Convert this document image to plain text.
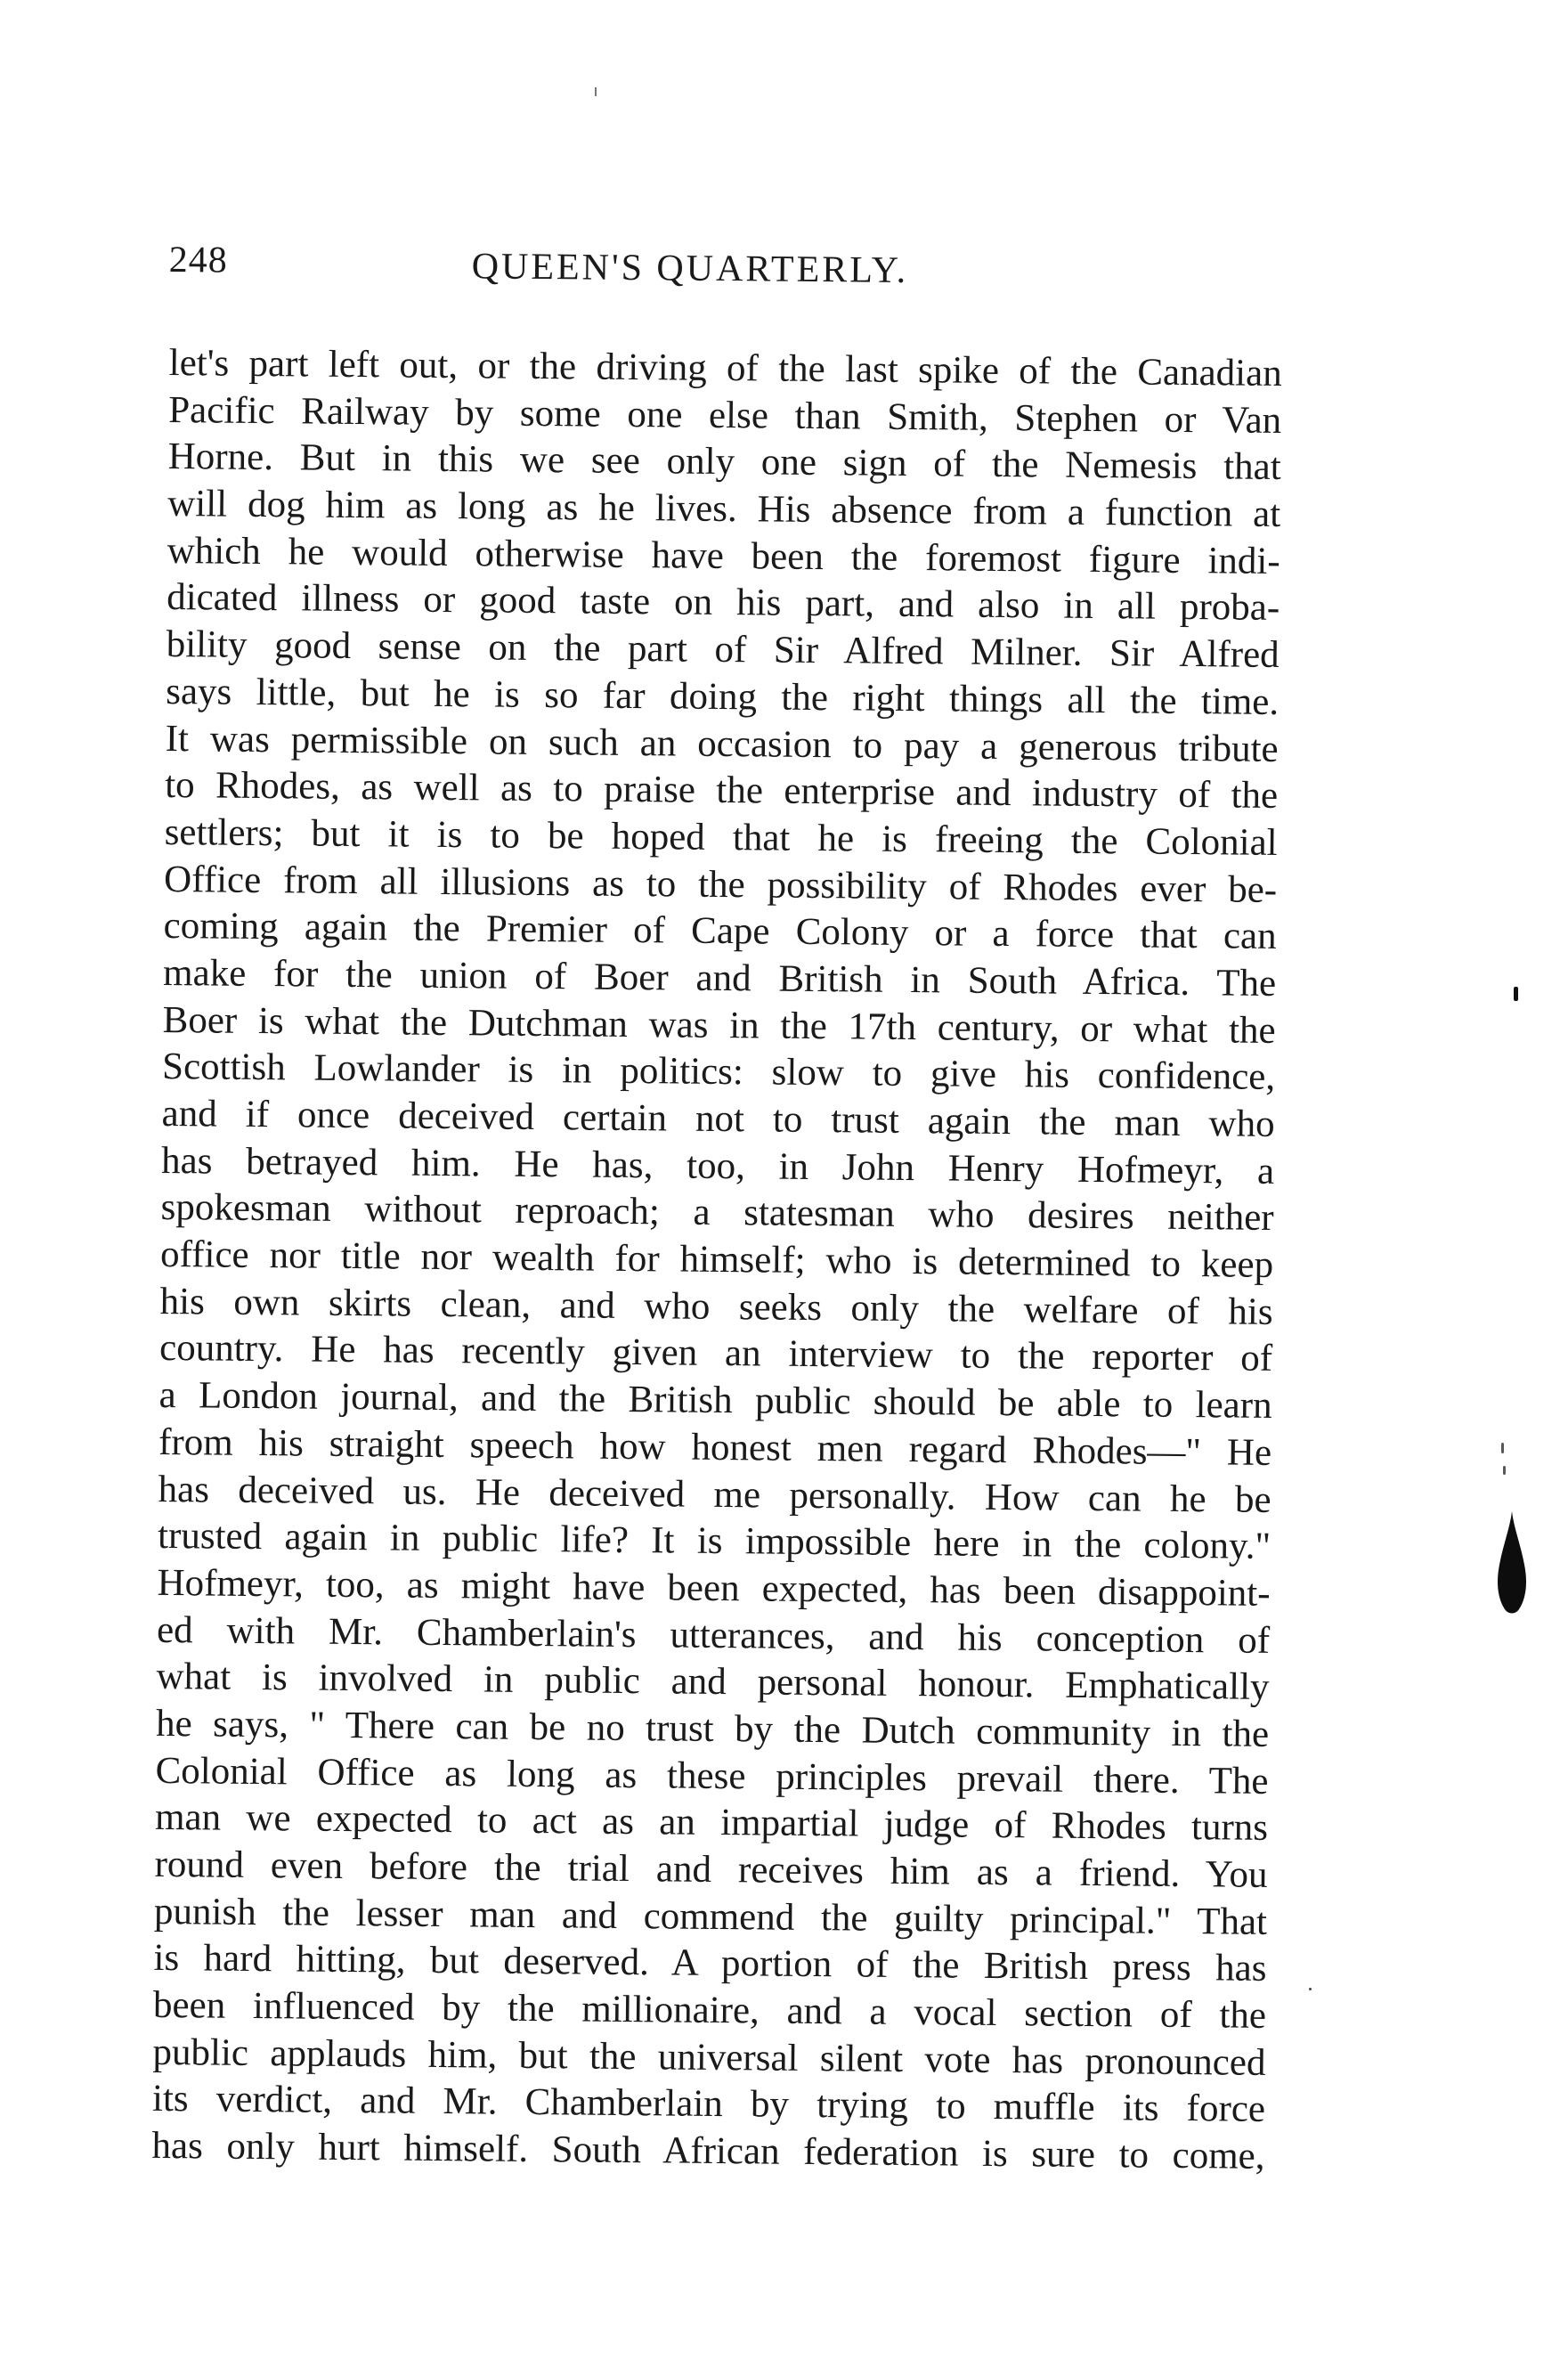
248	QUEEN'S QUARTERLY.
let's part left out, or the driving of the last spike of the Canadian
Pacific Railway by some one else than Smith, Stephen or Van
Horne. But in this we see only one sign of the Nemesis that
will dog him as long as he lives. His absence from a function at
which he would otherwise have been the foremost figure indi-
dicated illness or good taste on his part, and also in all proba-
bility good sense on the part of Sir Alfred Milner. Sir Alfred
says little, but he is so far doing the right things all the time.
It was permissible on such an occasion to pay a generous tribute
to Rhodes, as well as to praise the enterprise and industry of the
settlers; but it is to be hoped that he is freeing the Colonial
Office from all illusions as to the possibility of Rhodes ever be-
coming again the Premier of Cape Colony or a force that can
make for the union of Boer and British in South Africa. The
Boer is what the Dutchman was in the 17th century, or what the
Scottish Lowlander is in politics: slow to give his confidence,
and if once deceived certain not to trust again the man who
has betrayed him. He has, too, in John Henry Hofmeyr, a
spokesman without reproach; a statesman who desires neither
office nor title nor wealth for himself; who is determined to keep
his own skirts clean, and who seeks only the welfare of his
country. He has recently given an interview to the reporter of
a London journal, and the British public should be able to learn
from his straight speech how honest men regard Rhodes—" He
has deceived us. He deceived me personally. How can he be
trusted again in public life? It is impossible here in the colony."
Hofmeyr, too, as might have been expected, has been disappoint-
ed with Mr. Chamberlain's utterances, and his conception of
what is involved in public and personal honour. Emphatically
he says, " There can be no trust by the Dutch community in the
Colonial Office as long as these principles prevail there. The
man we expected to act as an impartial judge of Rhodes turns
round even before the trial and receives him as a friend. You
punish the lesser man and commend the guilty principal." That
is hard hitting, but deserved. A portion of the British press has
been influenced by the millionaire, and a vocal section of the
public applauds him, but the universal silent vote has pronounced
its verdict, and Mr. Chamberlain by trying to muffle its force
has only hurt himself. South African federation is sure to come,
